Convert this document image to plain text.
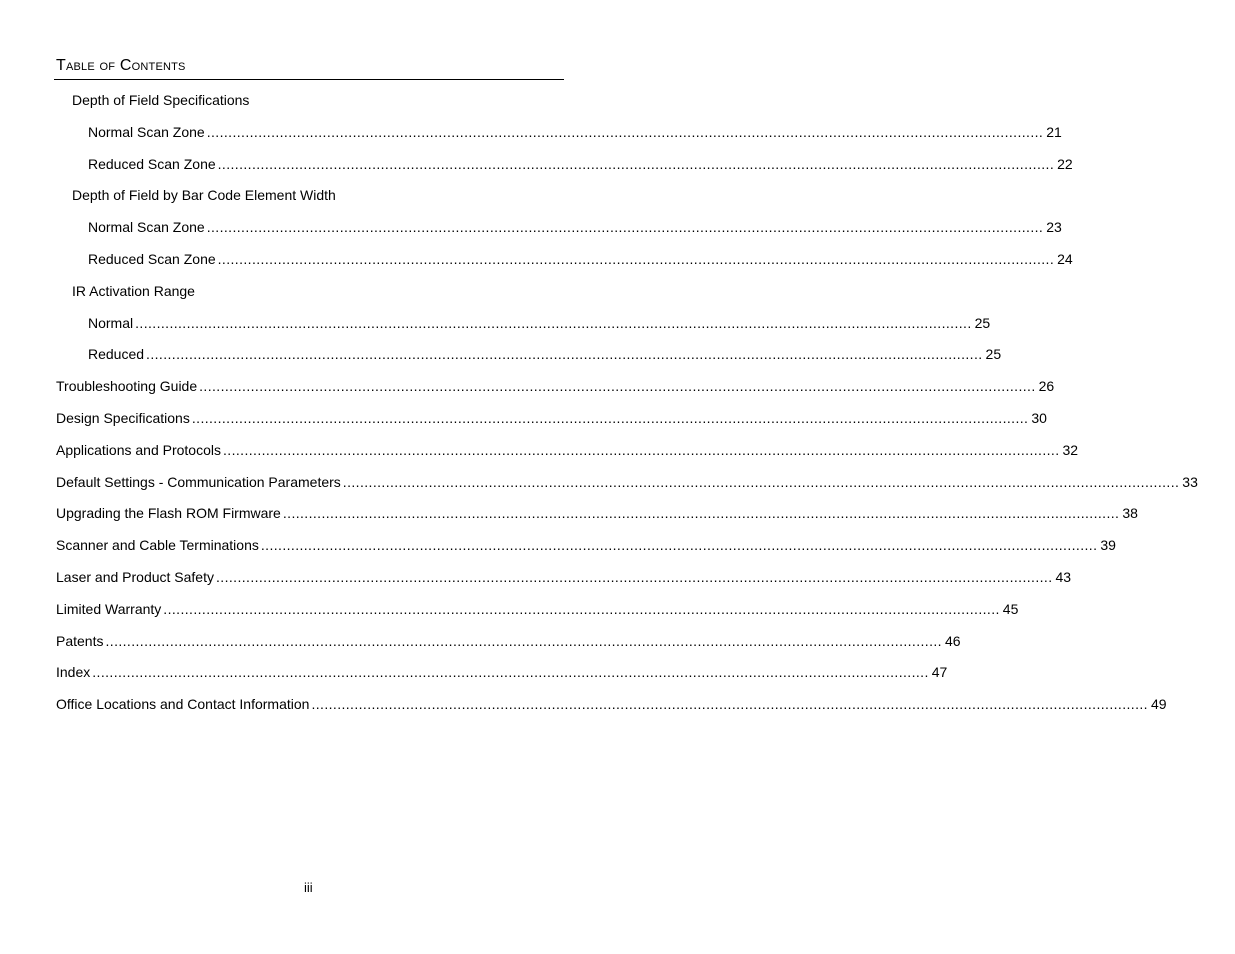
Table of Contents
Depth of Field Specifications
Normal Scan Zone ................................................................................................................................................................................................... 21
Reduced Scan Zone ................................................................................................................................................................................................... 22
Depth of Field by Bar Code Element Width
Normal Scan Zone ................................................................................................................................................................................................... 23
Reduced Scan Zone ................................................................................................................................................................................................... 24
IR Activation Range
Normal ................................................................................................................................................................................................... 25
Reduced ................................................................................................................................................................................................... 25
Troubleshooting Guide ................................................................................................................................................................................................... 26
Design Specifications ................................................................................................................................................................................................... 30
Applications and Protocols ................................................................................................................................................................................................... 32
Default Settings - Communication Parameters ................................................................................................................................................................................................... 33
Upgrading the Flash ROM Firmware ................................................................................................................................................................................................... 38
Scanner and Cable Terminations ................................................................................................................................................................................................... 39
Laser and Product Safety ................................................................................................................................................................................................... 43
Limited Warranty ................................................................................................................................................................................................... 45
Patents ................................................................................................................................................................................................... 46
Index ................................................................................................................................................................................................... 47
Office Locations and Contact Information ................................................................................................................................................................................................... 49
iii
